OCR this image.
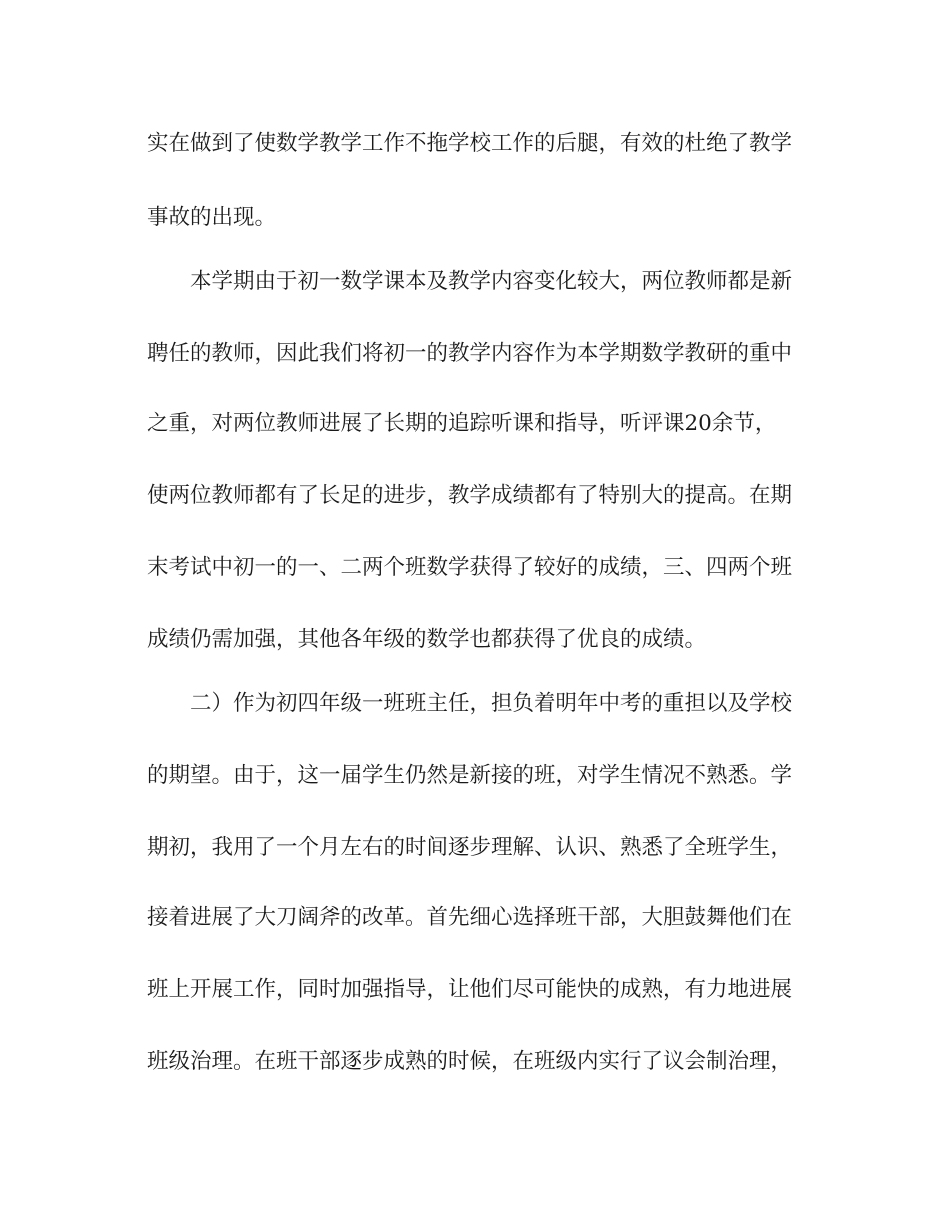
实在做到了使数学教学工作不拖学校工作的后腿，有效的杜绝了教学
事故的出现。
本学期由于初一数学课本及教学内容变化较大，两位教师都是新
聘任的教师，因此我们将初一的教学内容作为本学期数学教研的重中
之重，对两位教师进展了长期的追踪听课和指导，听评课20余节，
使两位教师都有了长足的进步，教学成绩都有了特别大的提高。在期
末考试中初一的一、二两个班数学获得了较好的成绩，三、四两个班
成绩仍需加强，其他各年级的数学也都获得了优良的成绩。
二）作为初四年级一班班主任，担负着明年中考的重担以及学校
的期望。由于，这一届学生仍然是新接的班，对学生情况不熟悉。学
期初，我用了一个月左右的时间逐步理解、认识、熟悉了全班学生，
接着进展了大刀阔斧的改革。首先细心选择班干部，大胆鼓舞他们在
班上开展工作，同时加强指导，让他们尽可能快的成熟，有力地进展
班级治理。在班干部逐步成熟的时候，在班级内实行了议会制治理，
